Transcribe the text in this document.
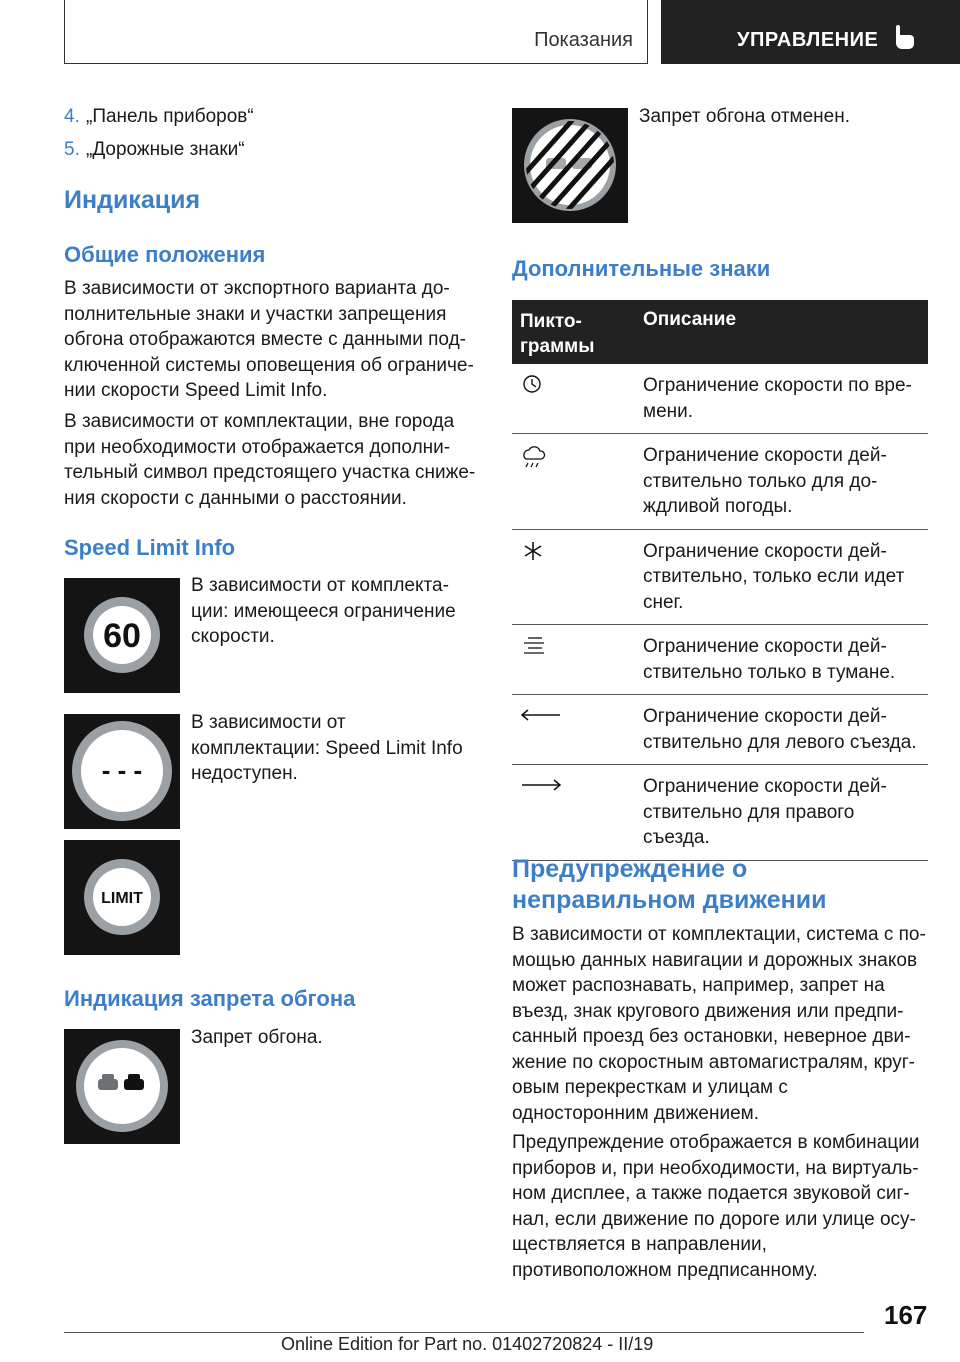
Показания	УПРАВЛЕНИЕ
4. „Панель приборов“
5. „Дорожные знаки“
Индикация
Общие положения
В зависимости от экспортного варианта до-
полнительные знаки и участки запрещения
обгона отображаются вместе с данными под-
ключенной системы оповещения об ограниче-
нии скорости Speed Limit Info.
В зависимости от комплектации, вне города
при необходимости отображается дополни-
тельный символ предстоящего участка сниже-
ния скорости с данными о расстоянии.
Speed Limit Info
60
В зависимости от комплекта-
ции: имеющееся ограничение
скорости.
- - -
В зависимости от
комплектации: Speed Limit Info
недоступен.
LIMIT
Индикация запрета обгона
Запрет обгона.
Запрет обгона отменен.
Дополнительные знаки
Пикто-
граммы
Описание
Ограничение скорости по вре-
мени.
Ограничение скорости дей-
ствительно только для до-
ждливой погоды.
Ограничение скорости дей-
ствительно, только если идет
снег.
Ограничение скорости дей-
ствительно только в тумане.
Ограничение скорости дей-
ствительно для левого съезда.
Ограничение скорости дей-
ствительно для правого
съезда.
Предупреждение о
неправильном движении
В зависимости от комплектации, система с по-
мощью данных навигации и дорожных знаков
может распознавать, например, запрет на
въезд, знак кругового движения или предпи-
санный проезд без остановки, неверное дви-
жение по скоростным автомагистралям, круг-
овым перекресткам и улицам с
односторонним движением.
Предупреждение отображается в комбинации
приборов и, при необходимости, на виртуаль-
ном дисплее, а также подается звуковой сиг-
нал, если движение по дороге или улице осу-
ществляется в направлении,
противоположном предписанному.
167
Online Edition for Part no. 01402720824 - II/19
